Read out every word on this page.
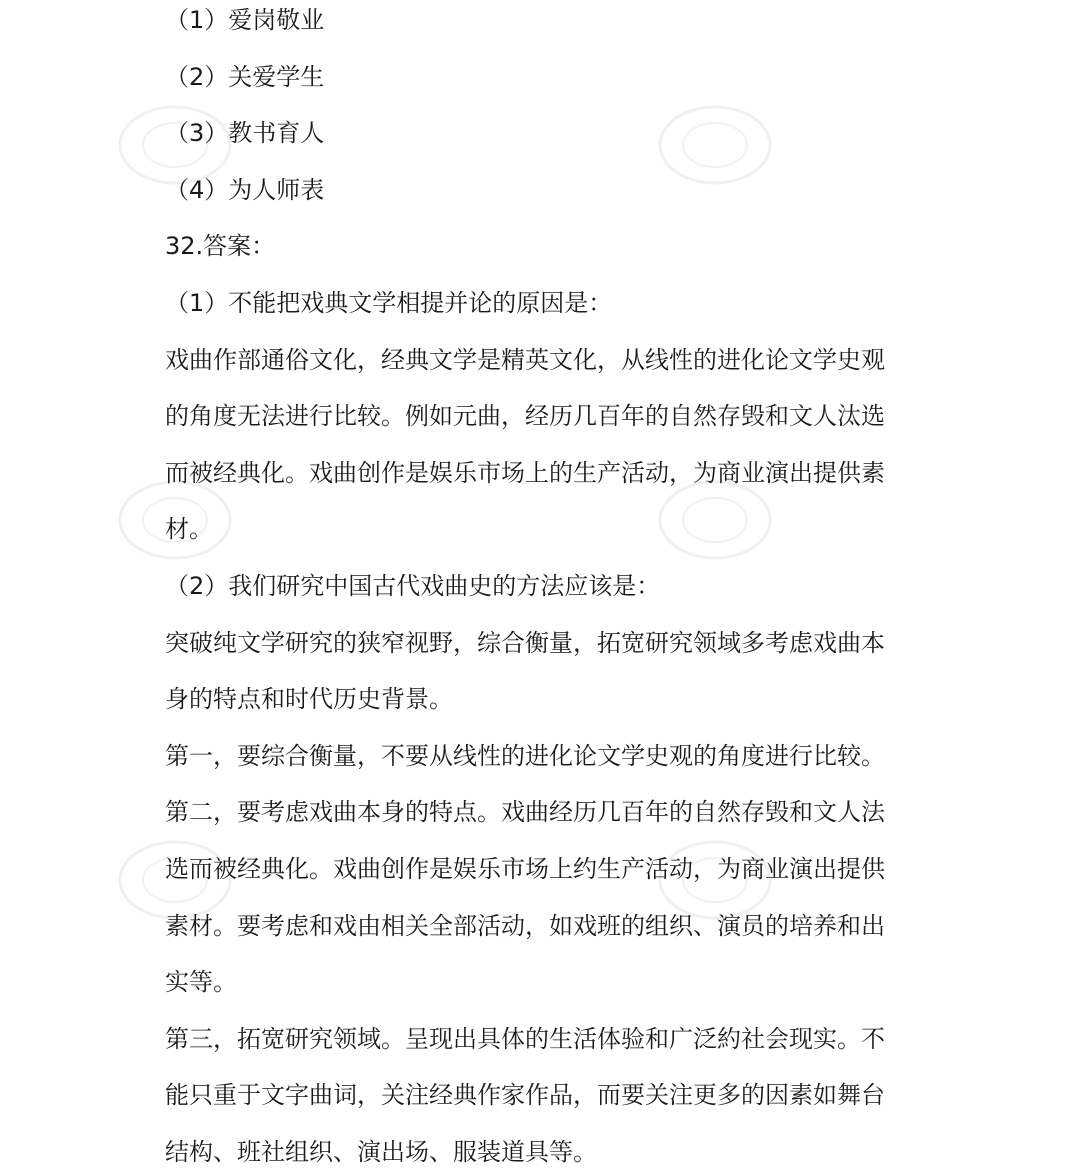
（1）爱岗敬业
（2）关爱学生
（3）教书育人
（4）为人师表
32.答案：
（1）不能把戏典文学相提并论的原因是：
戏曲作部通俗文化，经典文学是精英文化，从线性的进化论文学史观
的角度无法进行比较。例如元曲，经历几百年的自然存毁和文人汰选
而被经典化。戏曲创作是娱乐市场上的生产活动，为商业演出提供素
材。
（2）我们研究中国古代戏曲史的方法应该是：
突破纯文学研究的狭窄视野，综合衡量，拓宽研究领域多考虑戏曲本
身的特点和时代历史背景。
第一，要综合衡量，不要从线性的进化论文学史观的角度进行比较。
第二，要考虑戏曲本身的特点。戏曲经历几百年的自然存毁和文人法
选而被经典化。戏曲创作是娱乐市场上约生产活动，为商业演出提供
素材。要考虑和戏由相关全部活动，如戏班的组织、演员的培养和出
实等。
第三，拓宽研究领域。呈现出具体的生活体验和广泛約社会现实。不
能只重于文字曲词，关注经典作家作品，而要关注更多的因素如舞台
结构、班社组织、演出场、服装道具等。
